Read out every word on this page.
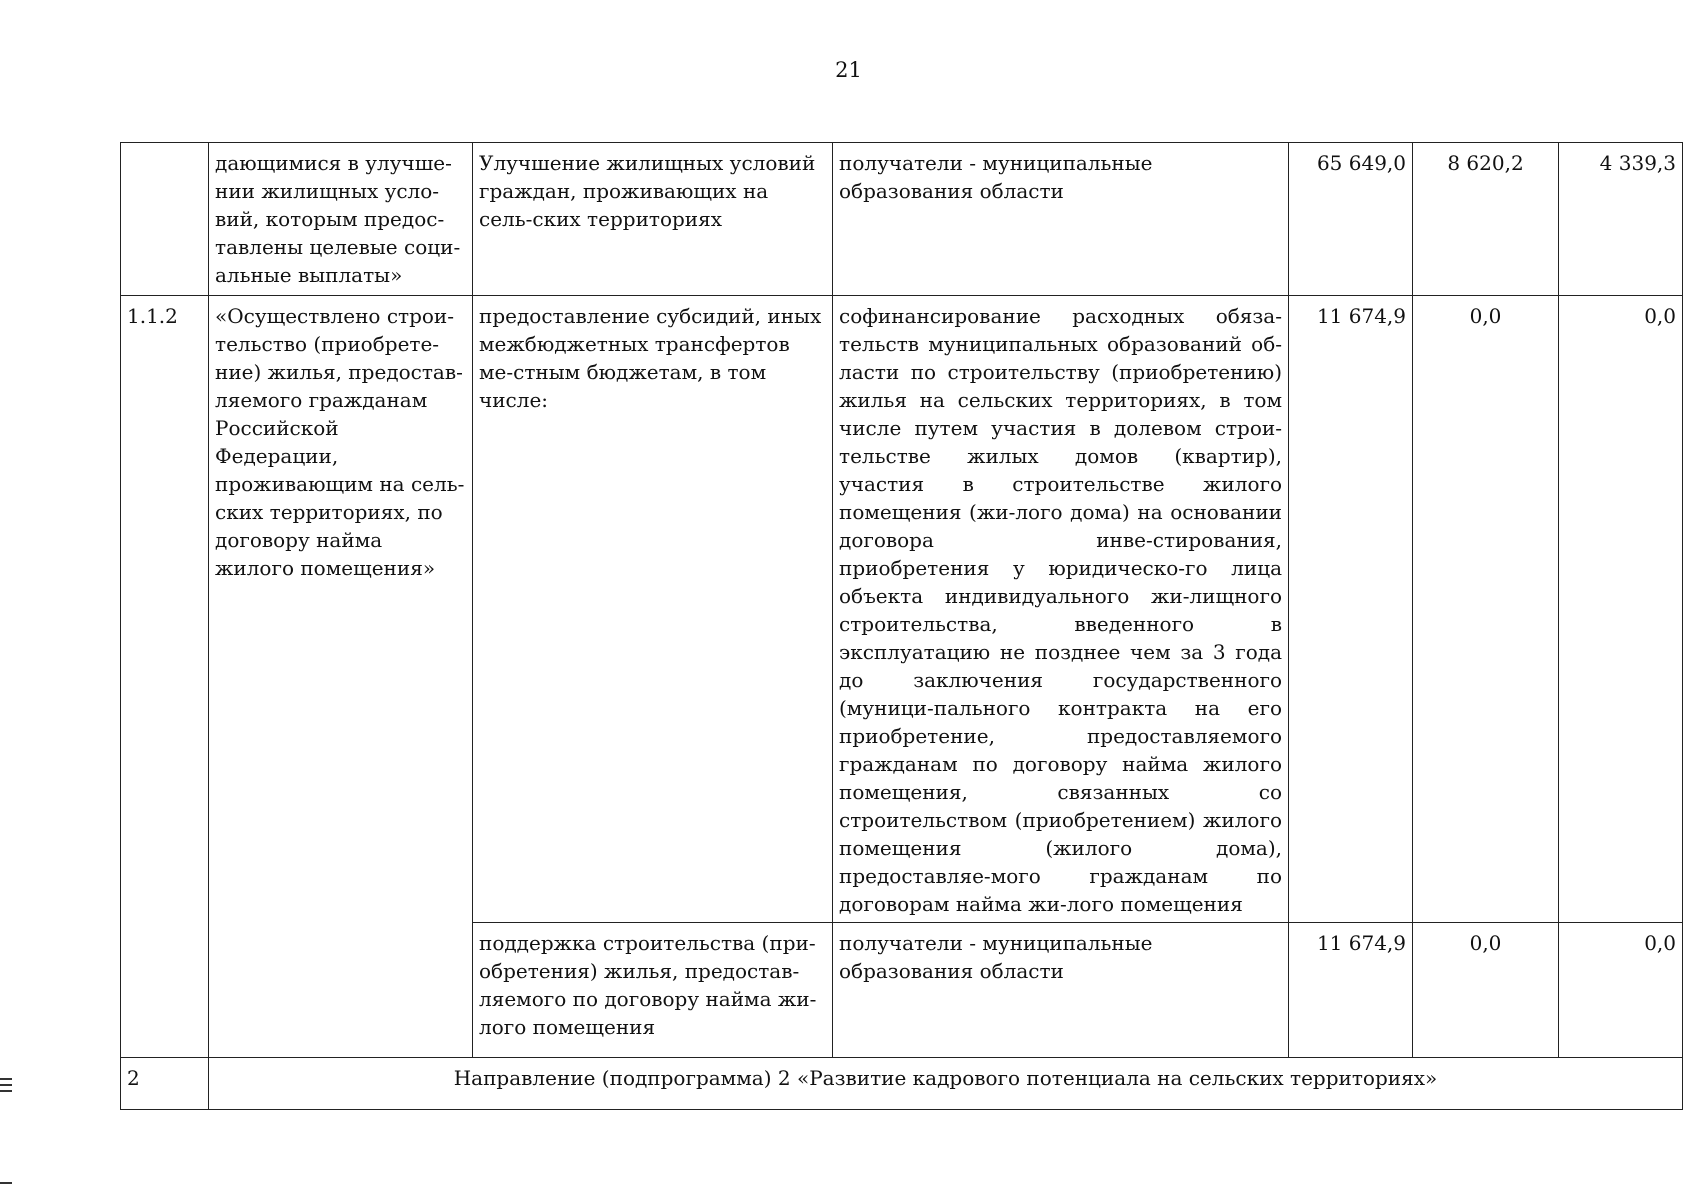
21
	дающимися в улучше-нии жилищных усло-вий, которым предос-тавлены целевые соци-альные выплаты»	Улучшение жилищных условий граждан, проживающих на сель-ских территориях	получатели - муниципальные образования области	65 649,0	8 620,2	4 339,3
1.1.2	«Осуществлено строи-тельство (приобрете-ние) жилья, предостав-ляемого гражданам Российской Федерации, проживающим на сель-ских территориях, по договору найма жилого помещения»	предоставление субсидий, иных межбюджетных трансфертов ме-стным бюджетам, в том числе:	софинансирование расходных обяза-тельств муниципальных образований об-ласти по строительству (приобретению) жилья на сельских территориях, в том числе путем участия в долевом строи-тельстве жилых домов (квартир), участия в строительстве жилого помещения (жи-лого дома) на основании договора инве-стирования, приобретения у юридическо-го лица объекта индивидуального жи-лищного строительства, введенного в эксплуатацию не позднее чем за 3 года до заключения государственного (муници-пального контракта на его приобретение, предоставляемого гражданам по договору найма жилого помещения, связанных со строительством (приобретением) жилого помещения (жилого дома), предоставляе-мого гражданам по договорам найма жи-лого помещения	11 674,9	0,0	0,0
		поддержка строительства (при-обретения) жилья, предостав-ляемого по договору найма жи-лого помещения	получатели - муниципальные образования области	11 674,9	0,0	0,0
2	Направление (подпрограмма) 2 «Развитие кадрового потенциала на сельских территориях»					
